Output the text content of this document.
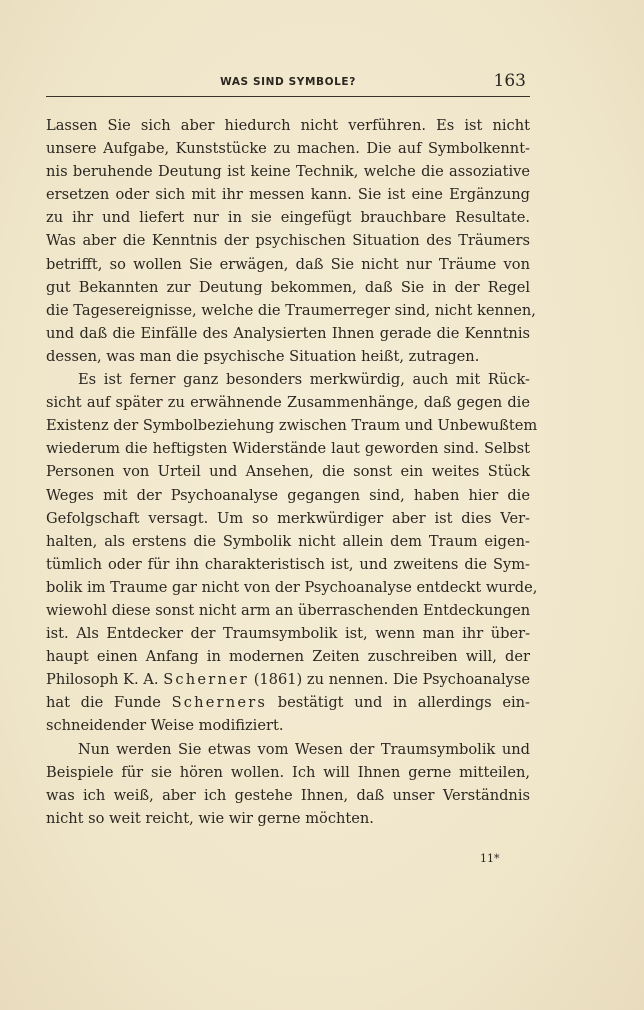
WAS SIND SYMBOLE?	163
Lassen Sie sich aber hiedurch nicht verführen. Es ist nicht
unsere Aufgabe, Kunststücke zu machen. Die auf Symbolkennt-
nis beruhende Deutung ist keine Technik, welche die assoziative
ersetzen oder sich mit ihr messen kann. Sie ist eine Ergänzung
zu ihr und liefert nur in sie eingefügt brauchbare Resultate.
Was aber die Kenntnis der psychischen Situation des Träumers
betrifft, so wollen Sie erwägen, daß Sie nicht nur Träume von
gut Bekannten zur Deutung bekommen, daß Sie in der Regel
die Tagesereignisse, welche die Traumerreger sind, nicht kennen,
und daß die Einfälle des Analysierten Ihnen gerade die Kenntnis
dessen, was man die psychische Situation heißt, zutragen.
Es ist ferner ganz besonders merkwürdig, auch mit Rück-
sicht auf später zu erwähnende Zusammenhänge, daß gegen die
Existenz der Symbolbeziehung zwischen Traum und Unbewußtem
wiederum die heftigsten Widerstände laut geworden sind. Selbst
Personen von Urteil und Ansehen, die sonst ein weites Stück
Weges mit der Psychoanalyse gegangen sind, haben hier die
Gefolgschaft versagt. Um so merkwürdiger aber ist dies Ver-
halten, als erstens die Symbolik nicht allein dem Traum eigen-
tümlich oder für ihn charakteristisch ist, und zweitens die Sym-
bolik im Traume gar nicht von der Psychoanalyse entdeckt wurde,
wiewohl diese sonst nicht arm an überraschenden Entdeckungen
ist. Als Entdecker der Traumsymbolik ist, wenn man ihr über-
haupt einen Anfang in modernen Zeiten zuschreiben will, der
Philosoph K. A. Scherner (1861) zu nennen. Die Psychoanalyse
hat die Funde Scherners bestätigt und in allerdings ein-
schneidender Weise modifiziert.
Nun werden Sie etwas vom Wesen der Traumsymbolik und
Beispiele für sie hören wollen. Ich will Ihnen gerne mitteilen,
was ich weiß, aber ich gestehe Ihnen, daß unser Verständnis
nicht so weit reicht, wie wir gerne möchten.
11*
